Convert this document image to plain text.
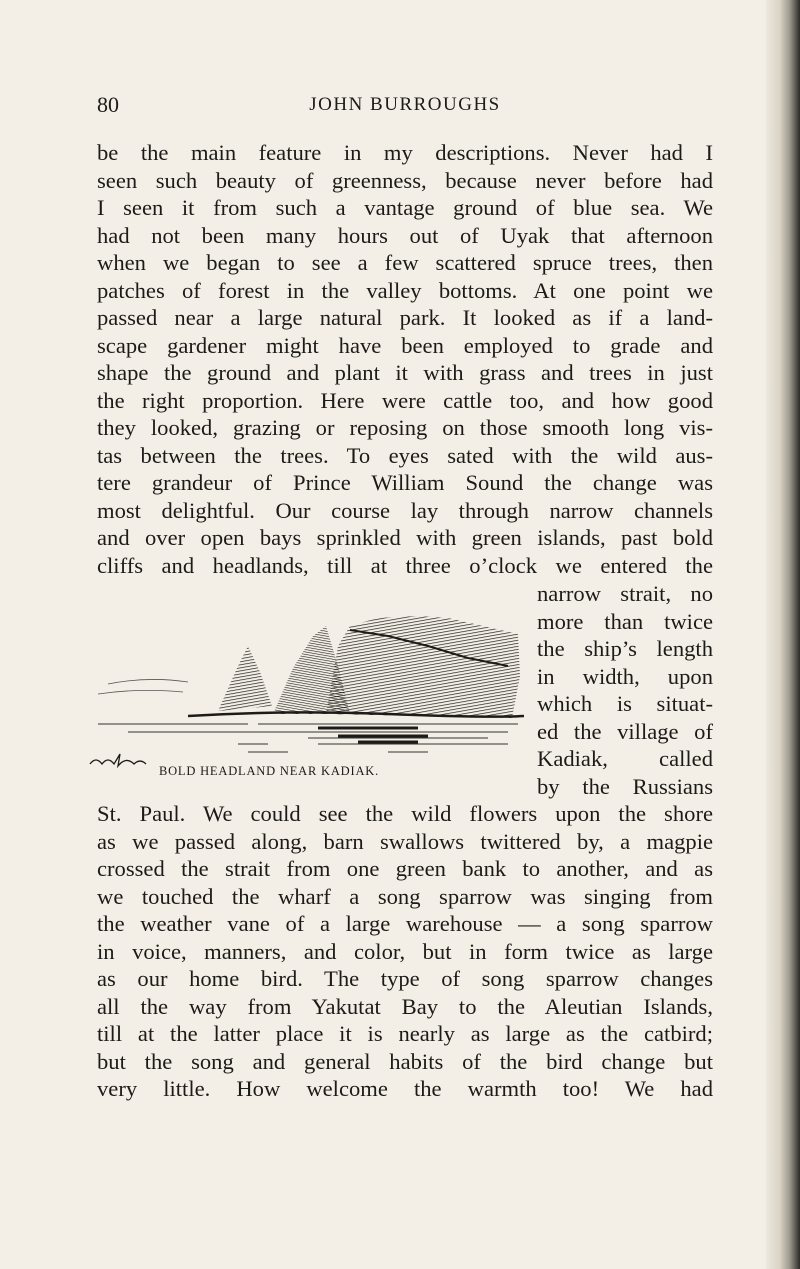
80	JOHN BURROUGHS
be the main feature in my descriptions. Never had I
seen such beauty of greenness, because never before had
I seen it from such a vantage ground of blue sea. We
had not been many hours out of Uyak that afternoon
when we began to see a few scattered spruce trees, then
patches of forest in the valley bottoms. At one point we
passed near a large natural park. It looked as if a land-
scape gardener might have been employed to grade and
shape the ground and plant it with grass and trees in just
the right proportion. Here were cattle too, and how good
they looked, grazing or reposing on those smooth long vis-
tas between the trees. To eyes sated with the wild aus-
tere grandeur of Prince William Sound the change was
most delightful. Our course lay through narrow channels
and over open bays sprinkled with green islands, past bold
cliffs and headlands, till at three o’clock we entered the
BOLD HEADLAND NEAR KADIAK.
narrow strait, no
more than twice
the ship’s length
in width, upon
which is situat-
ed the village of
Kadiak, called
by the Russians
St. Paul. We could see the wild flowers upon the shore
as we passed along, barn swallows twittered by, a magpie
crossed the strait from one green bank to another, and as
we touched the wharf a song sparrow was singing from
the weather vane of a large warehouse — a song sparrow
in voice, manners, and color, but in form twice as large
as our home bird. The type of song sparrow changes
all the way from Yakutat Bay to the Aleutian Islands,
till at the latter place it is nearly as large as the catbird;
but the song and general habits of the bird change but
very little. How welcome the warmth too! We had
